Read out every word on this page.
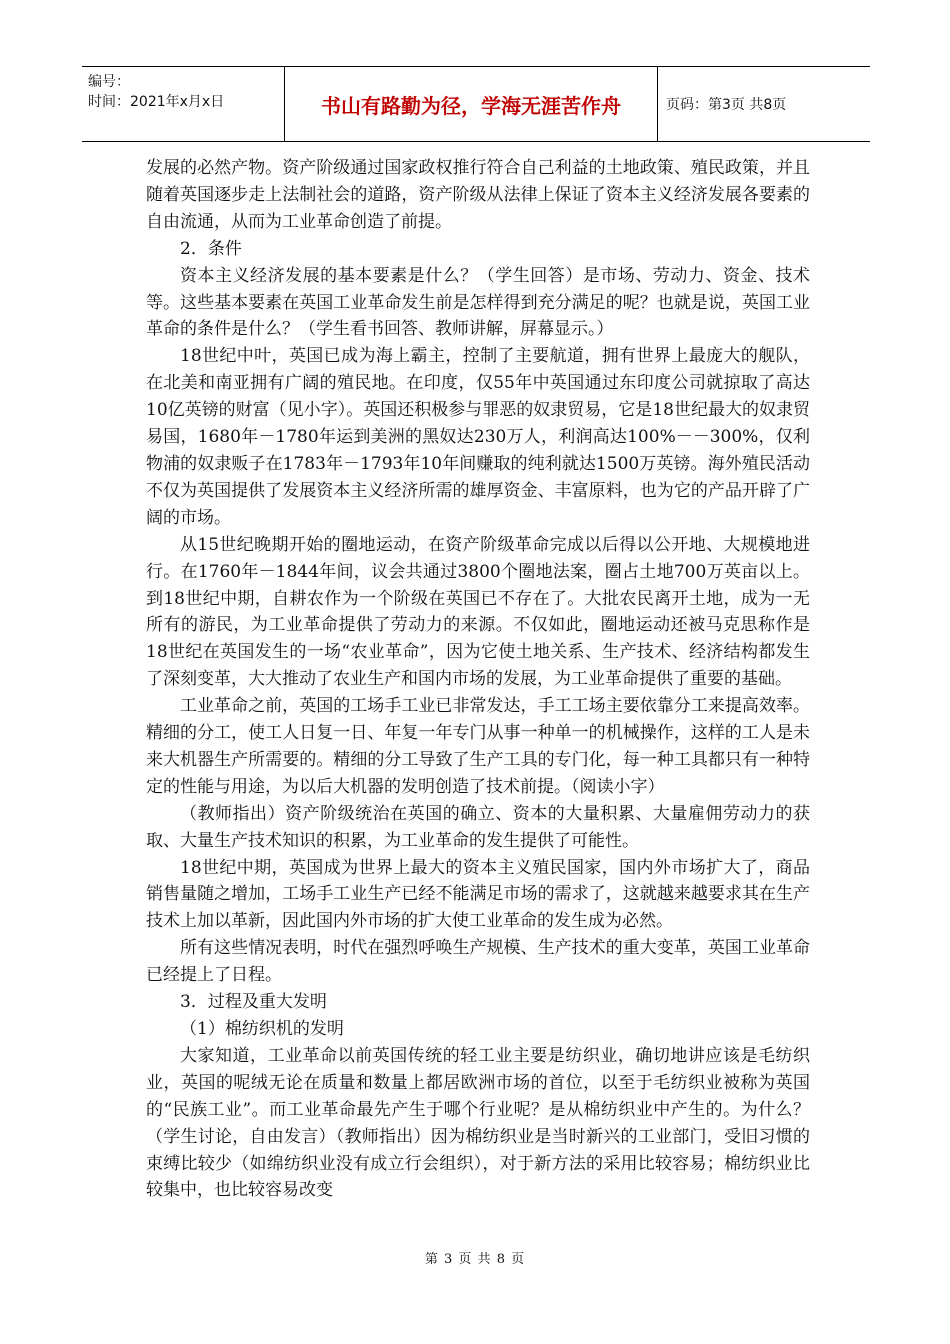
编号：
时间：2021年x月x日	书山有路勤为径，学海无涯苦作舟	页码：第3页 共8页

发展的必然产物。资产阶级通过国家政权推行符合自己利益的土地政策、殖民政策，并且随着英国逐步走上法制社会的道路，资产阶级从法律上保证了资本主义经济发展各要素的自由流通，从而为工业革命创造了前提。

2．条件

资本主义经济发展的基本要素是什么？（学生回答）是市场、劳动力、资金、技术等。这些基本要素在英国工业革命发生前是怎样得到充分满足的呢？也就是说，英国工业革命的条件是什么？（学生看书回答、教师讲解，屏幕显示。）

18世纪中叶，英国已成为海上霸主，控制了主要航道，拥有世界上最庞大的舰队，在北美和南亚拥有广阔的殖民地。在印度，仅55年中英国通过东印度公司就掠取了高达10亿英镑的财富（见小字）。英国还积极参与罪恶的奴隶贸易，它是18世纪最大的奴隶贸易国，1680年－1780年运到美洲的黑奴达230万人，利润高达100%－－300%，仅利物浦的奴隶贩子在1783年－1793年10年间赚取的纯利就达1500万英镑。海外殖民活动不仅为英国提供了发展资本主义经济所需的雄厚资金、丰富原料，也为它的产品开辟了广阔的市场。

从15世纪晚期开始的圈地运动，在资产阶级革命完成以后得以公开地、大规模地进行。在1760年－1844年间，议会共通过3800个圈地法案，圈占土地700万英亩以上。到18世纪中期，自耕农作为一个阶级在英国已不存在了。大批农民离开土地，成为一无所有的游民，为工业革命提供了劳动力的来源。不仅如此，圈地运动还被马克思称作是18世纪在英国发生的一场“农业革命”，因为它使土地关系、生产技术、经济结构都发生了深刻变革，大大推动了农业生产和国内市场的发展，为工业革命提供了重要的基础。

工业革命之前，英国的工场手工业已非常发达，手工工场主要依靠分工来提高效率。精细的分工，使工人日复一日、年复一年专门从事一种单一的机械操作，这样的工人是未来大机器生产所需要的。精细的分工导致了生产工具的专门化，每一种工具都只有一种特定的性能与用途，为以后大机器的发明创造了技术前提。（阅读小字）

（教师指出）资产阶级统治在英国的确立、资本的大量积累、大量雇佣劳动力的获取、大量生产技术知识的积累，为工业革命的发生提供了可能性。

18世纪中期，英国成为世界上最大的资本主义殖民国家，国内外市场扩大了，商品销售量随之增加，工场手工业生产已经不能满足市场的需求了，这就越来越要求其在生产技术上加以革新，因此国内外市场的扩大使工业革命的发生成为必然。

所有这些情况表明，时代在强烈呼唤生产规模、生产技术的重大变革，英国工业革命已经提上了日程。

3．过程及重大发明

（1）棉纺织机的发明

大家知道，工业革命以前英国传统的轻工业主要是纺织业，确切地讲应该是毛纺织业，英国的呢绒无论在质量和数量上都居欧洲市场的首位，以至于毛纺织业被称为英国的“民族工业”。而工业革命最先产生于哪个行业呢？是从棉纺织业中产生的。为什么？（学生讨论，自由发言）（教师指出）因为棉纺织业是当时新兴的工业部门，受旧习惯的束缚比较少（如绵纺织业没有成立行会组织），对于新方法的采用比较容易；棉纺织业比较集中，也比较容易改变

第 3 页 共 8 页
